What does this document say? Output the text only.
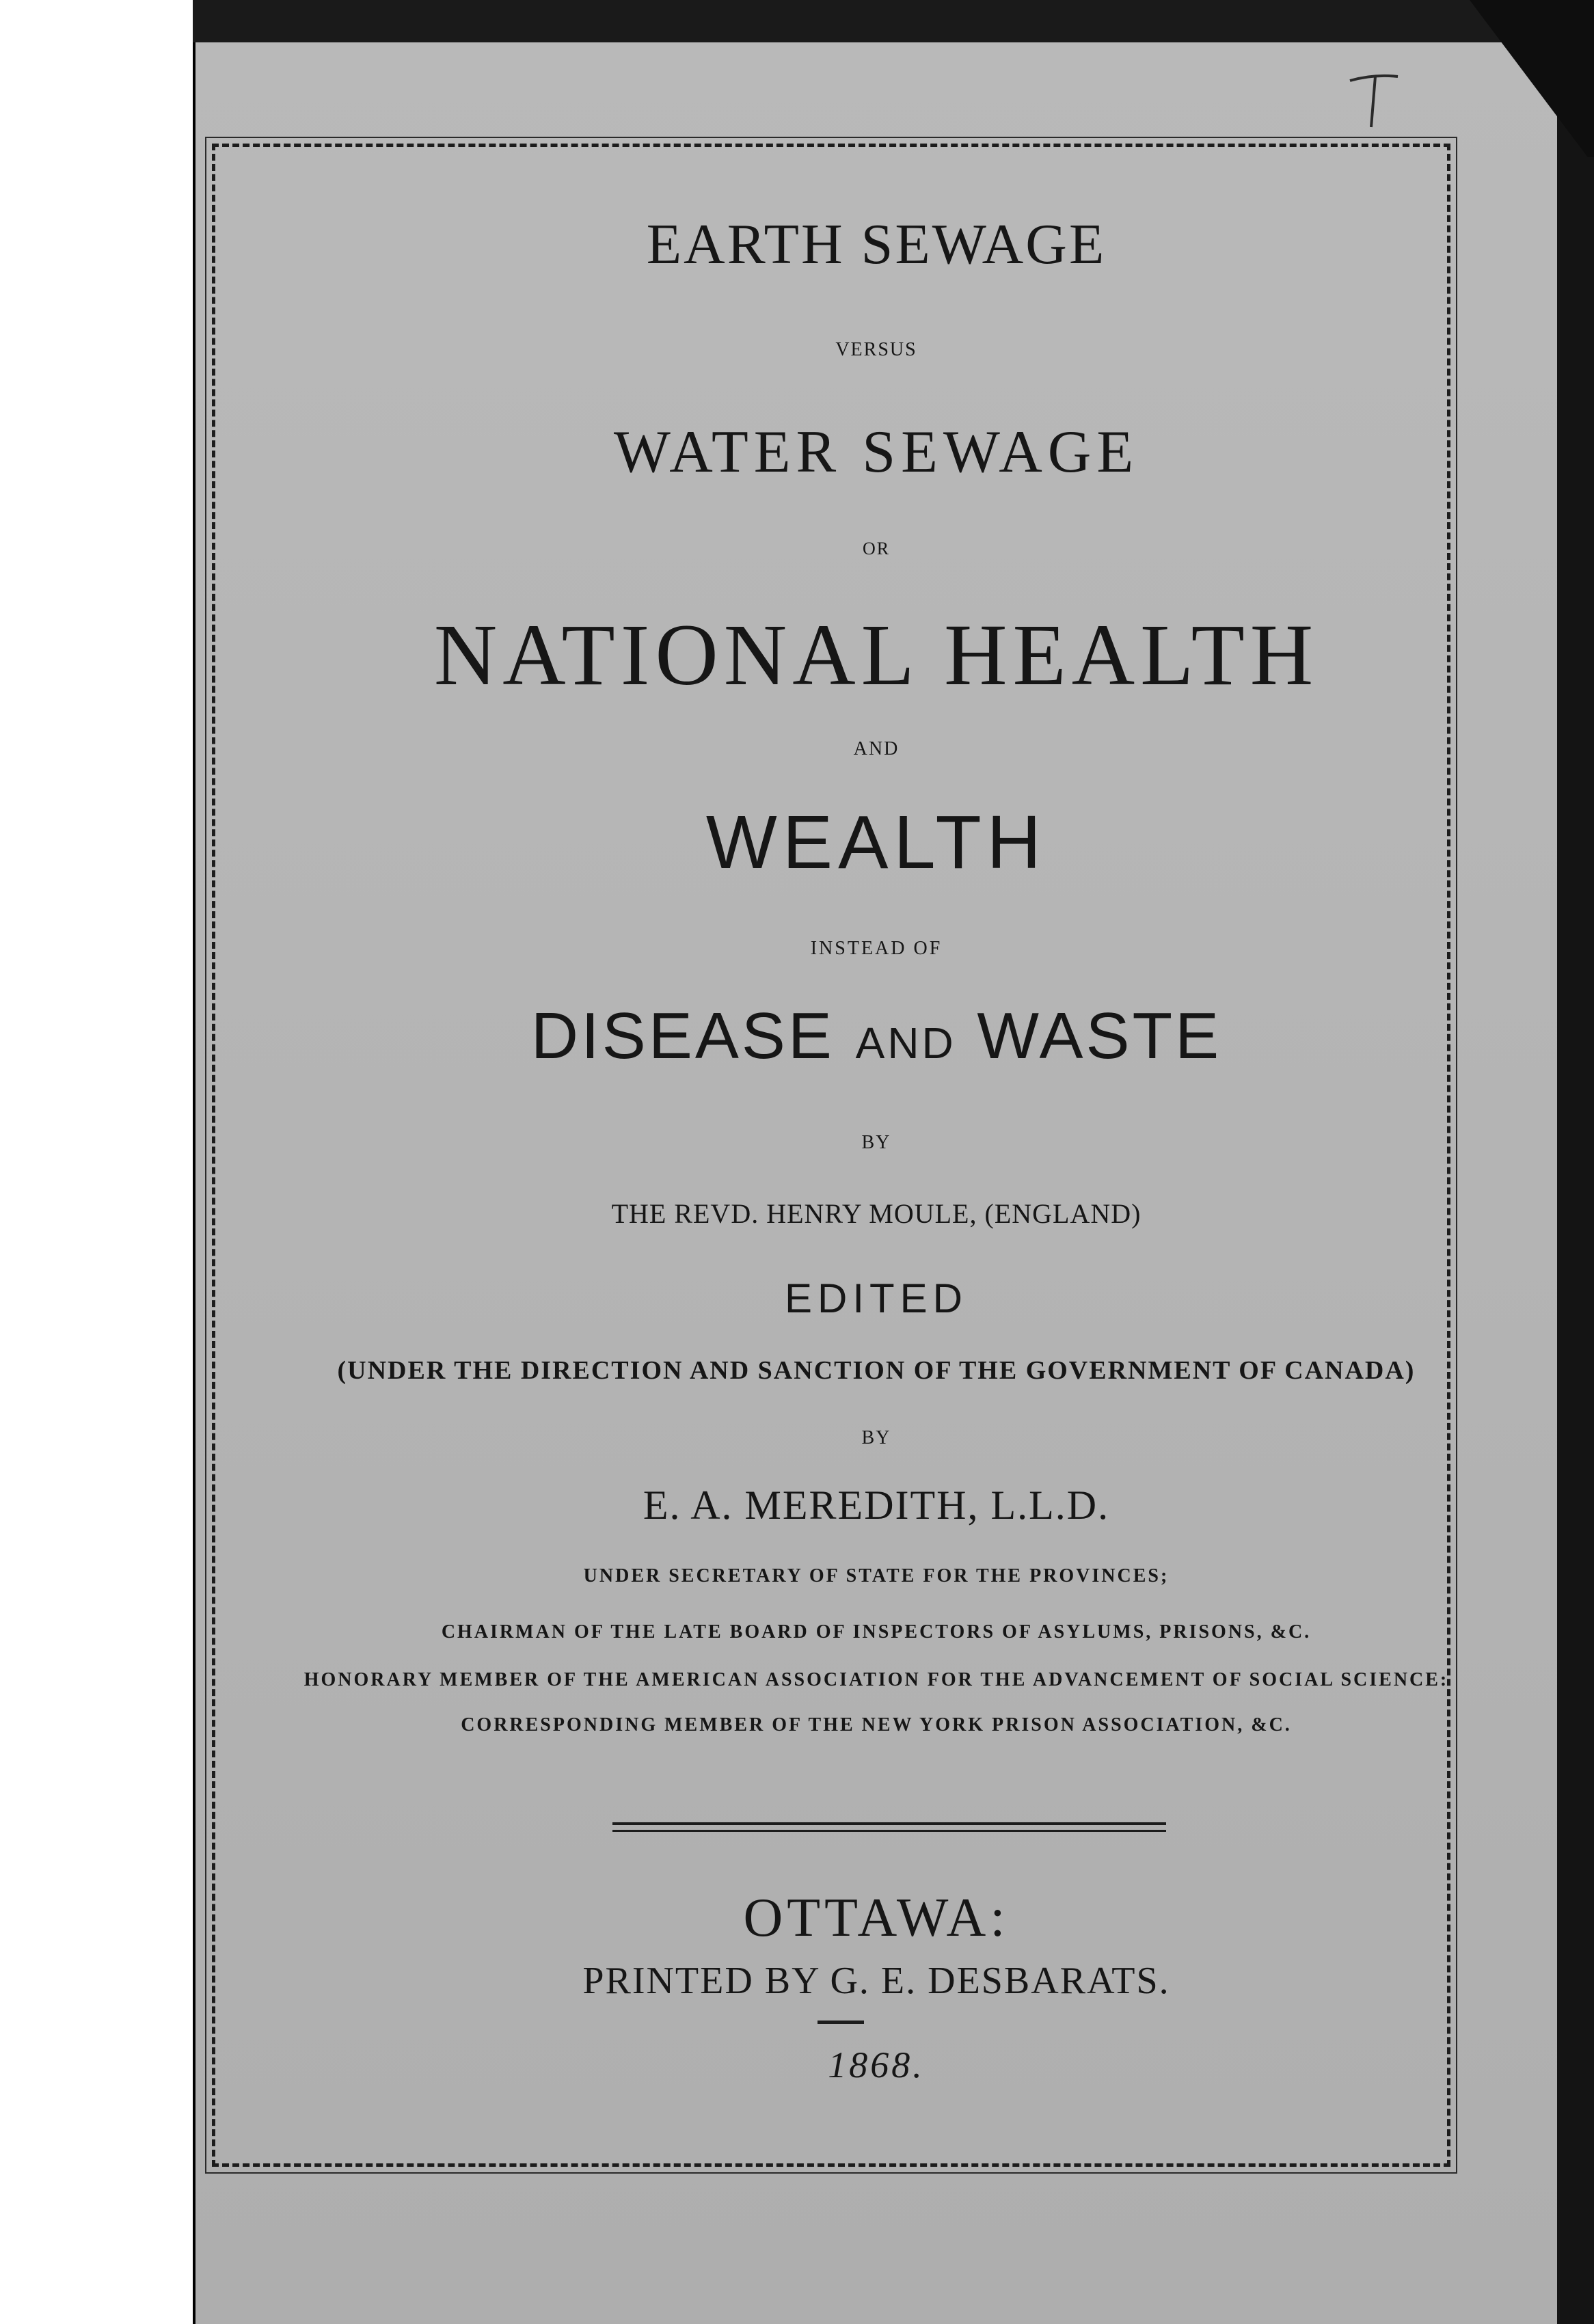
EARTH SEWAGE
VERSUS
WATER SEWAGE
OR
NATIONAL HEALTH
AND
WEALTH
INSTEAD OF
DISEASE AND WASTE
BY
THE REVD. HENRY MOULE, (ENGLAND)
EDITED
(UNDER THE DIRECTION AND SANCTION OF THE GOVERNMENT OF CANADA)
BY
E. A. MEREDITH, L.L.D.
UNDER SECRETARY OF STATE FOR THE PROVINCES;
CHAIRMAN OF THE LATE BOARD OF INSPECTORS OF ASYLUMS, PRISONS, &C.
HONORARY MEMBER OF THE AMERICAN ASSOCIATION FOR THE ADVANCEMENT OF SOCIAL SCIENCE:
CORRESPONDING MEMBER OF THE NEW YORK PRISON ASSOCIATION, &C.
OTTAWA:
PRINTED BY G. E. DESBARATS.
1868.
